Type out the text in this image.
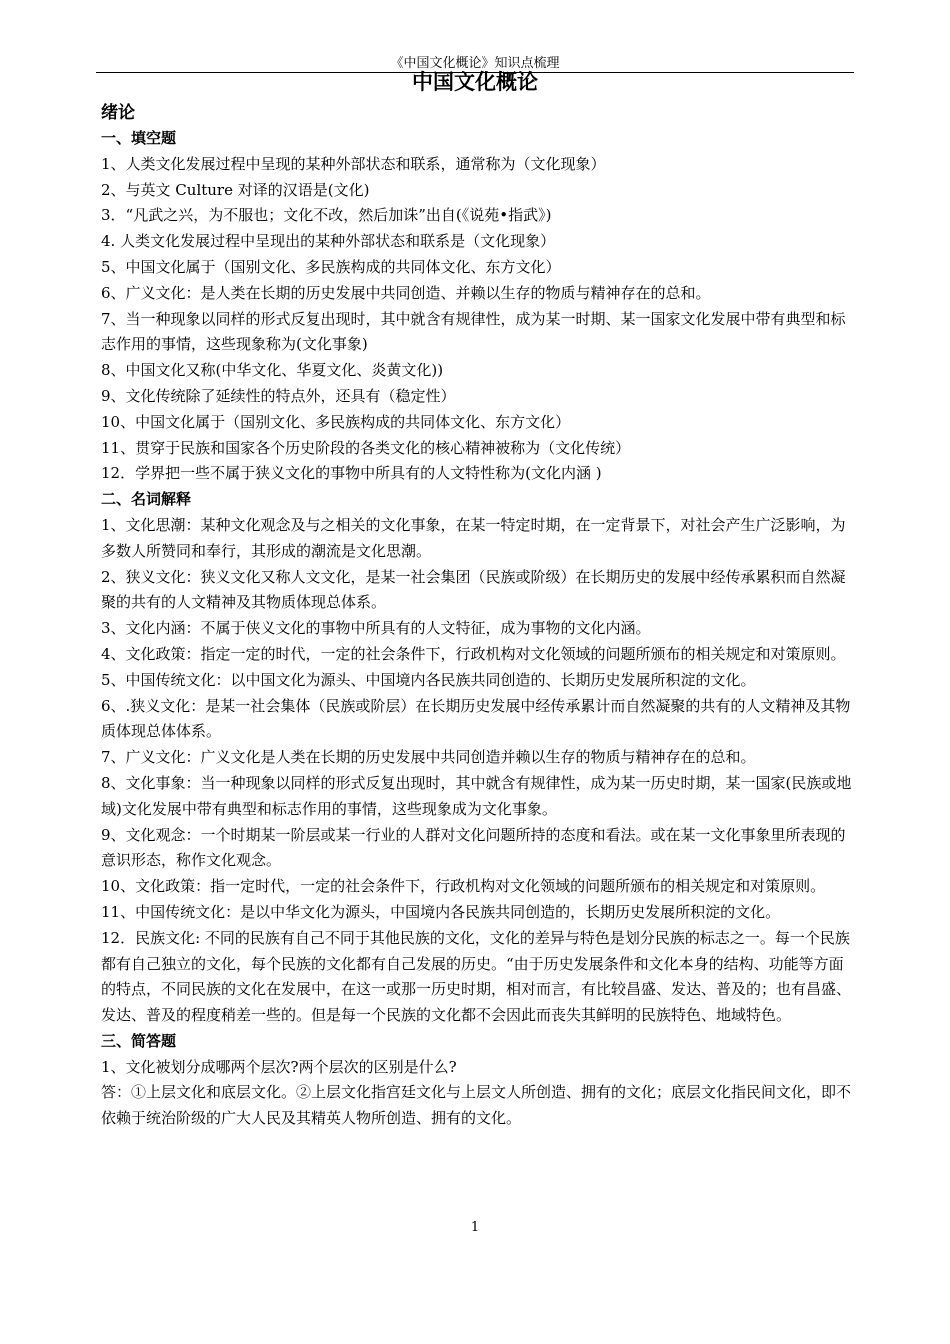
《中国文化概论》知识点梳理
中国文化概论

绪论

一、填空题

1、人类文化发展过程中呈现的某种外部状态和联系，通常称为（文化现象）

2、与英文 Culture 对译的汉语是(文化)

3．“凡武之兴，为不服也；文化不改，然后加诛”出自(《说苑•指武》)

4. 人类文化发展过程中呈现出的某种外部状态和联系是（文化现象）

5、中国文化属于（国别文化、多民族构成的共同体文化、东方文化）

6、广义文化：是人类在长期的历史发展中共同创造、并赖以生存的物质与精神存在的总和。

7、当一种现象以同样的形式反复出现时，其中就含有规律性，成为某一时期、某一国家文化发展中带有典型和标志作用的事情，这些现象称为(文化事象)

8、中国文化又称(中华文化、华夏文化、炎黄文化))

9、文化传统除了延续性的特点外，还具有（稳定性）

10、中国文化属于（国别文化、多民族构成的共同体文化、东方文化）

11、贯穿于民族和国家各个历史阶段的各类文化的核心精神被称为（文化传统）

12．学界把一些不属于狭义文化的事物中所具有的人文特性称为(文化内涵 )

二、名词解释

1、文化思潮：某种文化观念及与之相关的文化事象，在某一特定时期，在一定背景下，对社会产生广泛影响，为多数人所赞同和奉行，其形成的潮流是文化思潮。

2、狭义文化：狭义文化又称人文文化，是某一社会集团（民族或阶级）在长期历史的发展中经传承累积而自然凝聚的共有的人文精神及其物质体现总体系。

3、文化内涵：不属于侠义文化的事物中所具有的人文特征，成为事物的文化内涵。

4、文化政策：指定一定的时代，一定的社会条件下，行政机构对文化领域的问题所颁布的相关规定和对策原则。

5、中国传统文化：以中国文化为源头、中国境内各民族共同创造的、长期历史发展所积淀的文化。

6、.狭义文化：是某一社会集体（民族或阶层）在长期历史发展中经传承累计而自然凝聚的共有的人文精神及其物质体现总体体系。

7、广义文化：广义文化是人类在长期的历史发展中共同创造并赖以生存的物质与精神存在的总和。

8、文化事象：当一种现象以同样的形式反复出现时，其中就含有规律性，成为某一历史时期，某一国家(民族或地域)文化发展中带有典型和标志作用的事情，这些现象成为文化事象。

9、文化观念：一个时期某一阶层或某一行业的人群对文化问题所持的态度和看法。或在某一文化事象里所表现的意识形态，称作文化观念。

10、文化政策：指一定时代，一定的社会条件下，行政机构对文化领域的问题所颁布的相关规定和对策原则。

11、中国传统文化：是以中华文化为源头，中国境内各民族共同创造的，长期历史发展所积淀的文化。

12．民族文化: 不同的民族有自己不同于其他民族的文化，文化的差异与特色是划分民族的标志之一。每一个民族都有自己独立的文化，每个民族的文化都有自己发展的历史。“由于历史发展条件和文化本身的结构、功能等方面的特点，不同民族的文化在发展中，在这一或那一历史时期，相对而言，有比较昌盛、发达、普及的；也有昌盛、发达、普及的程度稍差一些的。但是每一个民族的文化都不会因此而丧失其鲜明的民族特色、地域特色。

三、简答题

1、文化被划分成哪两个层次?两个层次的区别是什么?

答：①上层文化和底层文化。②上层文化指宫廷文化与上层文人所创造、拥有的文化；底层文化指民间文化，即不依赖于统治阶级的广大人民及其精英人物所创造、拥有的文化。

1
